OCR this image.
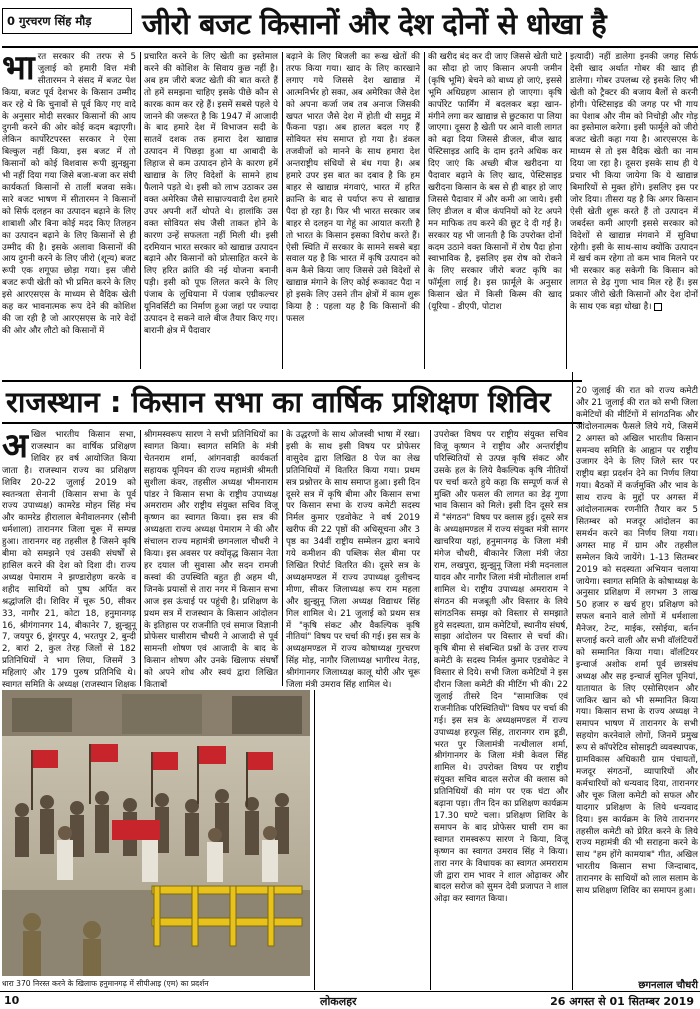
0 गुरचरण सिंह मौड़	जीरो बजट किसानों और देश दोनों से धोखा है
भा रत सरकार की तरफ से 5 जुलाई को हमारी वित्त मंत्री सीतारमन ने संसद में बजट पेश किया, बजट पूर्व देशभर के किसान उम्मीद कर रहे थे कि चुनावों से पूर्व किए गए वादे के अनुसार मोदी सरकार किसानों की आय दुगनी करने की ओर कोई कदम बढ़ाएगी। लेकिन कार्पोरेटपरस्त सरकार ने ऐसा बिल्कुल नहीं किया, इस बजट में तो किसानों को कोई विशवास रूपी झुनझुना भी नहीं दिया गया जिसे बजा-बजा कर संघी कार्यकर्ता किसानों से तालीं बजवा सके। सारे बजट भाषण में सीतारमन ने किसानों को सिर्फ दलहन का उत्पादन बढ़ाने के लिए शाबाशी और बिना कोई मदद किए तिलहन का उत्पादन बढ़ाने के लिए किसानों से ही उम्मीद की है। इसके अलावा किसानों की आय दुगनी करने के लिए जीरो (शून्य) बजट रूपी एक शगूफा छोड़ा गया। इस जीरो बजट रूपी खेती को भी प्रमित करने के लिए इसे आरएसएस के माध्यम से वैदिक खेती कह कर भावनात्मक रूप देने की कोशिश की जा रही है जो आरएसएस के नारे वेदों की ओर और लौटो को किसानों में
प्रचारित करने के लिए खेती का इस्तेमाल करने की कोशिश के सिवाय कुछ नहीं है। अब हम जीरो बजट खेती की बात करते हैं तो हमें समझना चाहिए इसके पीछे कौन से कारक काम कर रहे हैं। इसमें सबसे पहले ये जानने की जरूरत है कि 1947 में आजादी के बाद हमारे देश में विभाजन सदी के सातवें दशक तक हमारा देश खाद्यान्न उत्पादन में पिछड़ा हुआ था आबादी के लिहाज से कम उत्पादन होने के कारण हमें खाद्यान्न के लिए विदेशों के सामने हाथ फैलाने पड़ते थे। इसी को लाभ उठाकर उस वक्त अमेरिका जैसे साम्राज्यवादी देश हमारे उपर अपनी शर्तें थोपते थे। हालांकि उस वक्त सोवियत संघ जैसी ताकत होने के कारण उन्हें सफलता नहीं मिली थी। इसी दरमियान भारत सरकार को खाद्यान्न उत्पादन बढ़ाने और किसानों को प्रोत्साहित करने के लिए हरित क्रांति की नई योजना बनानी पड़ी। इसी को पूफ लिलत करने के लिए पंजाब के लुधियाना में पंजाब एग्रीकल्चर यूनिवर्सिटी का निर्माण हुआ जहां पर ज्यादा उत्पादन दे सकने वाले बीज तैयार किए गए। बारानी क्षेत्र में पैदावार
बढ़ाने के लिए बिजली का रूख खेतों की तरफ किया गया। खाद के लिए कारखाने लगाए गये जिससे देश खाद्यान्न में आत्मनिर्भर हो सका, अब अमेरिका जैसे देश को अपना कर्जा जब तब अनाज जिसकी खपत भारत जैसे देश में होती थी समुद्र में फैंकना पड़ा। अब हालत बदल गए हैं सोवियत संघ समाप्त हो गया है। डंकल तजवीजों को मानने के साथ हमारा देश अन्तराष्ट्रीय संधियों से बंध गया है। अब हमारे उपर इस बात का दबाव है कि हम बाहर से खाद्यान्न मंगवाएं, भारत में हरित क्रान्ति के बाद से पर्याप्त रूप से खाद्यान्न पैदा हो रहा है। फिर भी भारत सरकार जब बाहर से दलहन या गेहूं का आयात करती है तो भारत के किसान इसका विरोध करते हैं। ऐसी स्थिति में सरकार के सामने सबसे बड़ा सवाल यह है कि भारत में कृषि उत्पादन को कम कैसे किया जाए जिससे उसे विदेशों से खाद्यान्न मंगाने के लिए कोई रूकावट पैदा न हो इसके लिए उसने तीन क्षेत्रों में काम शुरू किया है : पहला यह है कि किसानों की फसल
की खरीद बंद कर दी जाए जिससे खेती घाटे का सौदा हो जाए किसान अपनी जमीन (कृषि भूमि) बेचने को बाध्य हो जाएं, इससे भूमि अधिग्रहण आसान हो जाएगा। कृषि कार्पोरेट फार्मिंग में बदलकर बड़ा खान-मंगीने लगा कर खाद्यान्न से छुटकारा पा लिया जाएगा। दूसरा है खेती पर आने वाली लागत को बढ़ा दिया जिससे डीजल, बीज खाद पेस्टिसाइड आदि के दाम इतने अधिक कर दिए जाएं कि अच्छी बीज खरीदना या पैदावार बढ़ाने के लिए खाद, पेस्टिसाइड खरीदना किसान के बस से ही बाहर हो जाए जिससे पैदावार में और कमी आ जाये। इसी लिए डीजल व बीज कंपनियों को रेट अपने मन माफिक तय करने की छूट दे दी गई है। सरकार यह भी जानती है कि उपरोक्त दोनों कदम उठाने वक्त किसानों में रोष पैदा होना स्वाभाविक है, इसलिए इस रोष को रोकने के लिए सरकार जीरो बजट कृषि का फॉर्मूला लाई है। इस फ़ार्मूले के अनुसार किसान खेत में किसी किस्म की खाद (यूरिया - डीएपी, पोटाश
इत्यादी) नहीं डालेगा इनकी जगह सिर्फ देसी खाद अर्थात गोबर की खाद ही डालेगा। गोबर उपलब्ध रहे इसके लिए भी खेती को ट्रैक्टर की बजाय बैलों से करनी होगी। पेस्टिसाइड की जगह पर भी गाय का पेशाब और नीम को निचोड़ी और गोड़ का इस्तेमाल करेगा। इसी फार्मूले को जीरो बजट खेती कहा गया है। आरएसएस के माध्यम से तो इस वैदिक खेती का नाम दिया जा रहा है। दूसरा इसके साथ ही ये प्रचार भी किया जायेगा कि ये खाद्यान्न बिमारियों से मुक्त होंगे। इसलिए इस पर जोर दिया। तीसरा यह है कि अगर किसान ऐसी खेती शुरू करते हैं तो उत्पादन में जबर्दस्त कमी आएगी इससे सरकार को विदेशों से खाद्यान्न मंगवाने में सुविधा रहेगी। इसी के साथ-साथ क्योंकि उत्पादन में खर्च कम रहेगा तो कम भाव मिलने पर भी सरकार कह सकेगी कि किसान को लागत से डेढ़ गुणा भाव मिल रहे हैं। इस प्रकार जीरो खेती किसानों और देश दोनों के साथ एक बड़ा धोखा है।
राजस्थान : किसान सभा का वार्षिक प्रशिक्षण शिविर
अ खिल भारतीय किसान सभा, राजस्थान का वार्षिक प्रशिक्षण शिविर हर वर्ष आयोजित किया जाता है। राजस्थान राज्य का प्रशिक्षण शिविर 20-22 जुलाई 2019 को स्वतन्त्रता सेनानी (किसान सभा के पूर्व राज्य उपाध्यक्ष) कामरेड मोहन सिंह मंच और कामरेड हीरालाल बेनीवालनगर (सौनी धर्मशाला) तारानगर जिला चूरू में सम्पन्न हुआ। तारानगर वह तहसील है जिसने कृषि बीमा को समझने एवं उसकी संघर्षों से हासिल करने की देश को दिशा दी। राज्य अध्यक्ष पेमाराम ने झण्डारोहण करके व शहीद साथियों को पुष्प अर्पित कर श्रद्धांजलि दी। शिविर में चूरू 50, सीकर 33, नागौर 21, कोटा 18, हनुमानगढ़ 16, श्रीगंगानगर 14, बीकानेर 7, झुन्झुनू 7, जयपुर 6, डूंगरपुर 4, भरतपुर 2, बुन्दी 2, बारां 2, कुल तेरह जिलों से 182 प्रतिनिधियों ने भाग लिया, जिसमें 3 महिलाएं और 179 पुरुष प्रतिनिधि थे। स्वागत समिति के अध्यक्ष (राजस्थान शिक्षक
श्रीगमस्वरूप सारण ने सभी प्रतिनिधियों का स्वागत किया। स्वागत समिति के मंत्री चेतनराम शर्मा, आंगनवाड़ी कार्यकर्ता सहायक यूनियन की राज्य महामंत्री श्रीमती सुशीला कंवर, तहसील अध्यक्ष भीमनाराम पांडर ने किसान सभा के राष्ट्रीय उपाध्यक्ष अमराराम और राष्ट्रीय संयुक्त सचिव विजू कृष्णन का स्वागत किया। इस सत्र की अध्यक्षता राज्य अध्यक्ष पेमाराम ने की और संचालन राज्य महामंत्री छगनलाल चौधरी ने किया। इस अवसर पर क्योंवृद्ध किसान नेता हर दयाल जी सुवासा और सदन रामजी कस्वां की उपस्थिति बहुत ही अहम थी, जिनके प्रयासों से तारा नगर में किसान सभा आज इस ऊंचाई पर पहुंची है। प्रशिक्षण के प्रथम सत्र में राजस्थान के किसान आंदोलन के इतिहास पर राजनीति एवं समाज विज्ञानी प्रोफेसर घासीराम चौधरी ने आजादी से पूर्व सामन्ती शोषण एवं आजादी के बाद के किसान शोषण और उनके खिलाफ संघर्षों को अपने शोध और स्वयं द्वारा लिखित किताबों
के उद्धरणों के साथ ओजस्वी भाषा में रखा। इसी के साथ इसी विषय पर प्रोफेसर वासुदेव द्वारा लिखित 8 पेज का लेख प्रतिनिधियों में वितरित किया गया। प्रथम सत्र प्रश्नोत्तर के साथ समाप्त हुआ। इसी दिन दूसरे सत्र में कृषि बीमा और किसान सभा पर किसान सभा के राज्य कमेटी सदस्य निर्मल कुमार एडवोकेट ने वर्ष 2019 खरीफ की 22 पृष्ठों की अधिसूचना और 3 पृष्ठ का 34वीं राष्ट्रीय सम्मेलन द्वारा बनाये गये कमीशन की पब्लिक सेल बीमा पर लिखित रिपोर्ट वितरित की। दूसरे सत्र के अध्यक्षमण्डल में राज्य उपाध्यक्ष दुलीचन्द मीणा, सीकर जिलाध्यक्ष रूप राम महला और झुन्झुनू जिला अध्यक्ष विद्याधर सिंह गिल शामिल थे। 21 जुलाई को प्रथम सत्र में "कृषि संकट और वैकल्पिक कृषि नीतियां" विषय पर चर्चा की गई। इस सत्र के अध्यक्षमण्डल में राज्य कोषाध्यक्ष गुरचरण सिंह मोड़, नागौर जिलाध्यक्ष भागीरथ नेतड़, श्रीगंगानगर जिलाध्यक्ष कालू थोरी और चूरू जिला मंत्री उमराव सिंह शामिल थे।
उपरोक्त विषय पर राष्ट्रीय संयुक्त सचिव विजू कृष्णन ने राष्ट्रीय और अन्तर्राष्ट्रीय परिस्थितियों से उत्पन्न कृषि संकट और उसके हल के लिये वैकल्पिक कृषि नीतियों पर चर्चा करते हुये कहा कि सम्पूर्ण कर्ज से मुक्ति और फसल की लागत का डेढ़ गुणा भाव किसान को मिले। इसी दिन दूसरे सत्र में "संगठन" विषय पर क्लास हुई। दूसरे सत्र के अध्यक्षमण्डल में राज्य संयुक्त मंत्री सागर खाचरिया यहां, हनुमानगढ़ के जिला मंत्री मंगेज चौधरी, बीकानेर जिला मंत्री जेठा राम, लखपुरा, झुन्झुनू जिला मंत्री मदनलाल यादव और नागौर जिला मंत्री मोतीलाल शर्मा शामिल थे। राष्ट्रीय उपाध्यक्ष अमराराम ने संगठन की मजबूती और विस्तार के लिये सांगठनिक समझ को विस्तार से समझाते हुये सदस्यता, ग्राम कमेटियों, स्थानीय संघर्ष, साझा आंदोलन पर विस्तार से चर्चा की। कृषि बीमा से संबन्धित प्रश्नों के उत्तर राज्य कमेटी के सदस्य निर्मल कुमार एडवोकेट ने विस्तार से दिये। सभी जिला कमेटियों ने इस दौरान जिला कमेटी की मीटिंग भी की। 22 जुलाई तीसरे दिन "सामाजिक एवं राजनीतिक परिस्थितियों" विषय पर चर्चा की गई। इस सत्र के अध्यक्षमण्डल में राज्य उपाध्यक्ष हरफूल सिंह, तारानगर राम डूडी, भरत पुर जिलामंत्री नत्थीलाल शर्मा, श्रीगंगानगर के जिला मंत्री केवल सिंह शामिल थे। उपरोक्त विषय पर राष्ट्रीय संयुक्त सचिव बादल सरोज की क्लास को प्रतिनिधियों की मांग पर एक घंटा और बढ़ाना पड़ा। तीन दिन का प्रशिक्षण कार्यक्रम 17.30 घण्टे चला। प्रशिक्षण शिविर के समापन के बाद प्रोफेसर घासी राम का स्वागत रामस्वरूप सारण ने किया, विजू कृष्णन का स्वागत उमराव सिंह ने किया। तारा नगर के विधायक का स्वागत अमराराम जी द्वारा राम भावर ने शाल ओढ़ाकर और बादल सरोज को सुमन देवी प्रजापत ने शाल ओढ़ा कर स्वागत किया।
20 जुलाई की रात को राज्य कमेटी और 21 जुलाई की रात को सभी जिला कमेटियों की मीटिंगों में सांगठनिक और आंदोलनात्मक फैसले लिये गये, जिसमें 2 अगस्त को अखिल भारतीय किसान समन्वय समिति के आह्वान पर राष्ट्रीय उजागर देने के लिए जिले स्तर पर राष्ट्रीय बड़ा प्रदर्शन देने का निर्णय लिया गया। बैठकों में कर्जमुक्ति और भाव के साथ राज्य के मुद्दों पर अगस्त में आंदोलनात्मक रणनीति तैयार कर 5 सितम्बर को मजदूर आंदोलन का समर्थन करने का निर्णय लिया गया। अगस्त माह में ग्राम और तहसील सम्मेलन किये जायेंगे। 1-13 सितम्बर 2019 को सदस्यता अभियान चलाया जायेगा। स्वागत समिति के कोषाध्यक्ष के अनुसार प्रशिक्षण में लगभग 3 लाख 50 हजार रु खर्च हुए। प्रशिक्षण को सफल बनाने वाले लोगों में धर्मशाला मैनेजर, टेन्ट, माईक, रसोईया, बर्तन सप्लाई करने वाली और सभी वॉलंटियरों को सम्मानित किया गया। वॉलंटियर इन्चार्ज अशोक शर्मा पूर्व छात्रसंघ अध्यक्ष और सह इन्चार्ज सुनिल पूनियां, यातायात के लिए एसोसिएशन और जाकिर खान को भी सम्मानित किया गया। किसान सभा के राज्य अध्यक्ष ने समापन भाषण में तारानगर के सभी सहयोग करनेवाले लोगों, जिनमें प्रमुख रूप से कॉपरेटिव सोसाइटी व्यवस्थापक, ग्रामविकास अधिकारी ग्राम पंचायतों, मजदूर संगठनों, व्यापारियों और कर्मचारियों को धन्यवाद दिया, तारानगर और चूरू जिला कमेटी को सफल और यादगार प्रशिक्षण के लिये धन्यवाद दिया। इस कार्यक्रम के लिये तारानगर तहसील कमेटी को प्रेरित करने के लिये राज्य महामंत्री की भी सराहना करने के साथ "हम होंगे कामयाब" गीत, अखिल भारतीय किसान सभा जिन्दाबाद, तारानगर के साथियों को लाल सलाम के साथ प्रशिक्षण शिविर का समापन हुआ।
छगनलाल चौधरी
धारा 370 निरस्त करने के खिलाफ हनुमानगढ़ में सीपीआइ (एम) का प्रदर्शन
10	लोकलहर	26 अगस्त से 01 सितम्बर 2019
